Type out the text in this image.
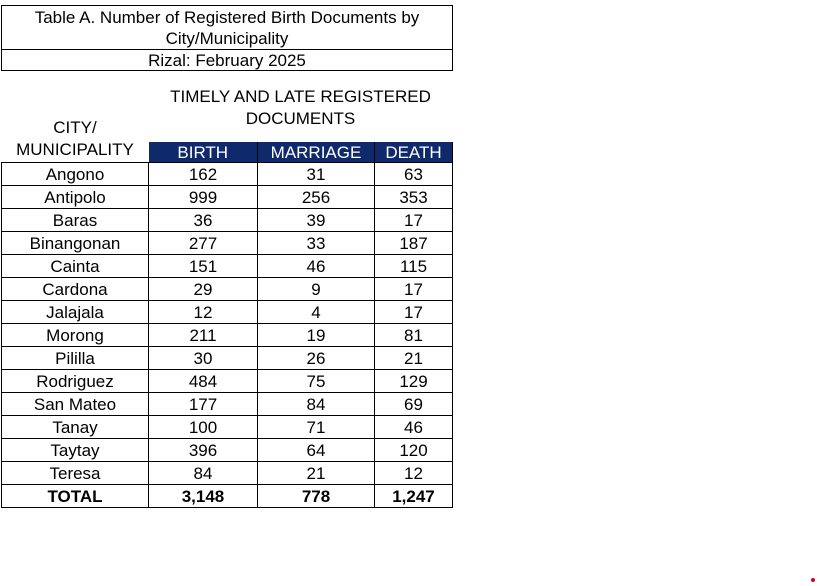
Table A. Number of Registered Birth Documents by City/Municipality			
Rizal: February 2025			

CITY/ MUNICIPALITY	TIMELY AND LATE REGISTERED DOCUMENTS		
	BIRTH	MARRIAGE	DEATH
Angono	162	31	63
Antipolo	999	256	353
Baras	36	39	17
Binangonan	277	33	187
Cainta	151	46	115
Cardona	29	9	17
Jalajala	12	4	17
Morong	211	19	81
Pililla	30	26	21
Rodriguez	484	75	129
San Mateo	177	84	69
Tanay	100	71	46
Taytay	396	64	120
Teresa	84	21	12
TOTAL	3,148	778	1,247
